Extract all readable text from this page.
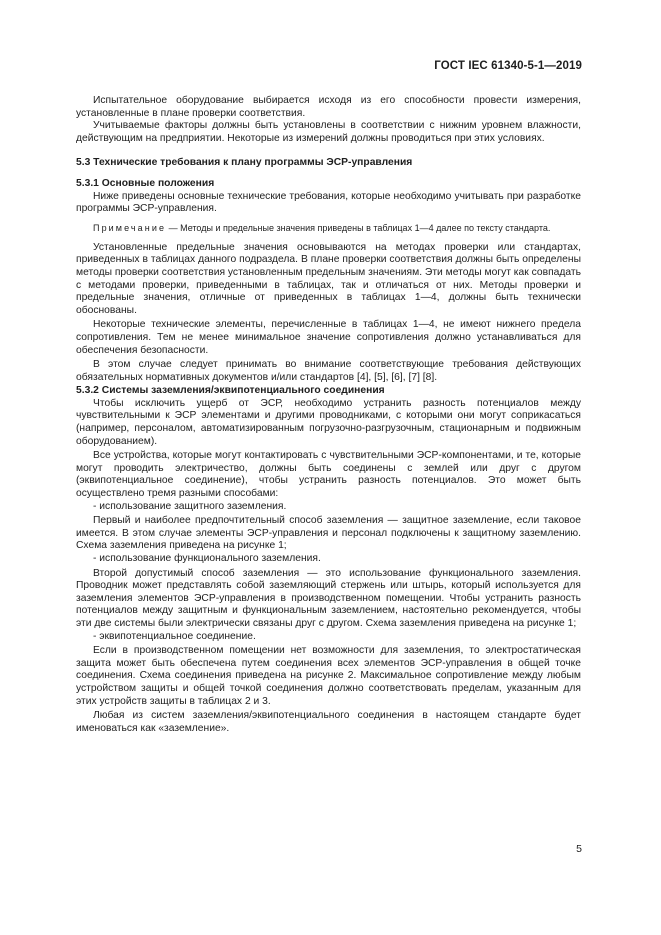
ГОСТ IEC 61340-5-1—2019

Испытательное оборудование выбирается исходя из его способности провести измерения, установленные в плане проверки соответствия.

Учитываемые факторы должны быть установлены в соответствии с нижним уровнем влажности, действующим на предприятии. Некоторые из измерений должны проводиться при этих условиях.

5.3 Технические требования к плану программы ЭСР-управления
5.3.1 Основные положения

Ниже приведены основные технические требования, которые необходимо учитывать при разработке программы ЭСР-управления.

Примечание — Методы и предельные значения приведены в таблицах 1—4 далее по тексту стандарта.

Установленные предельные значения основываются на методах проверки или стандартах, приведенных в таблицах данного подраздела. В плане проверки соответствия должны быть определены методы проверки соответствия установленным предельным значениям. Эти методы могут как совпадать с методами проверки, приведенными в таблицах, так и отличаться от них. Методы проверки и предельные значения, отличные от приведенных в таблицах 1—4, должны быть технически обоснованы.

Некоторые технические элементы, перечисленные в таблицах 1—4, не имеют нижнего предела сопротивления. Тем не менее минимальное значение сопротивления должно устанавливаться для обеспечения безопасности.

В этом случае следует принимать во внимание соответствующие требования действующих обязательных нормативных документов и/или стандартов [4], [5], [6], [7] [8].

5.3.2 Системы заземления/эквипотенциального соединения

Чтобы исключить ущерб от ЭСР, необходимо устранить разность потенциалов между чувствительными к ЭСР элементами и другими проводниками, с которыми они могут соприкасаться (например, персоналом, автоматизированным погрузочно-разгрузочным, стационарным и подвижным оборудованием).

Все устройства, которые могут контактировать с чувствительными ЭСР-компонентами, и те, которые могут проводить электричество, должны быть соединены с землей или друг с другом (эквипотенциальное соединение), чтобы устранить разность потенциалов. Это может быть осуществлено тремя разными способами:

- использование защитного заземления.

Первый и наиболее предпочтительный способ заземления — защитное заземление, если таковое имеется. В этом случае элементы ЭСР-управления и персонал подключены к защитному заземлению. Схема заземления приведена на рисунке 1;

- использование функционального заземления.

Второй допустимый способ заземления — это использование функционального заземления. Проводник может представлять собой заземляющий стержень или штырь, который используется для заземления элементов ЭСР-управления в производственном помещении. Чтобы устранить разность потенциалов между защитным и функциональным заземлением, настоятельно рекомендуется, чтобы эти две системы были электрически связаны друг с другом. Схема заземления приведена на рисунке 1;

- эквипотенциальное соединение.

Если в производственном помещении нет возможности для заземления, то электростатическая защита может быть обеспечена путем соединения всех элементов ЭСР-управления в общей точке соединения. Схема соединения приведена на рисунке 2. Максимальное сопротивление между любым устройством защиты и общей точкой соединения должно соответствовать пределам, указанным для этих устройств защиты в таблицах 2 и 3.

Любая из систем заземления/эквипотенциального соединения в настоящем стандарте будет именоваться как «заземление».

5
